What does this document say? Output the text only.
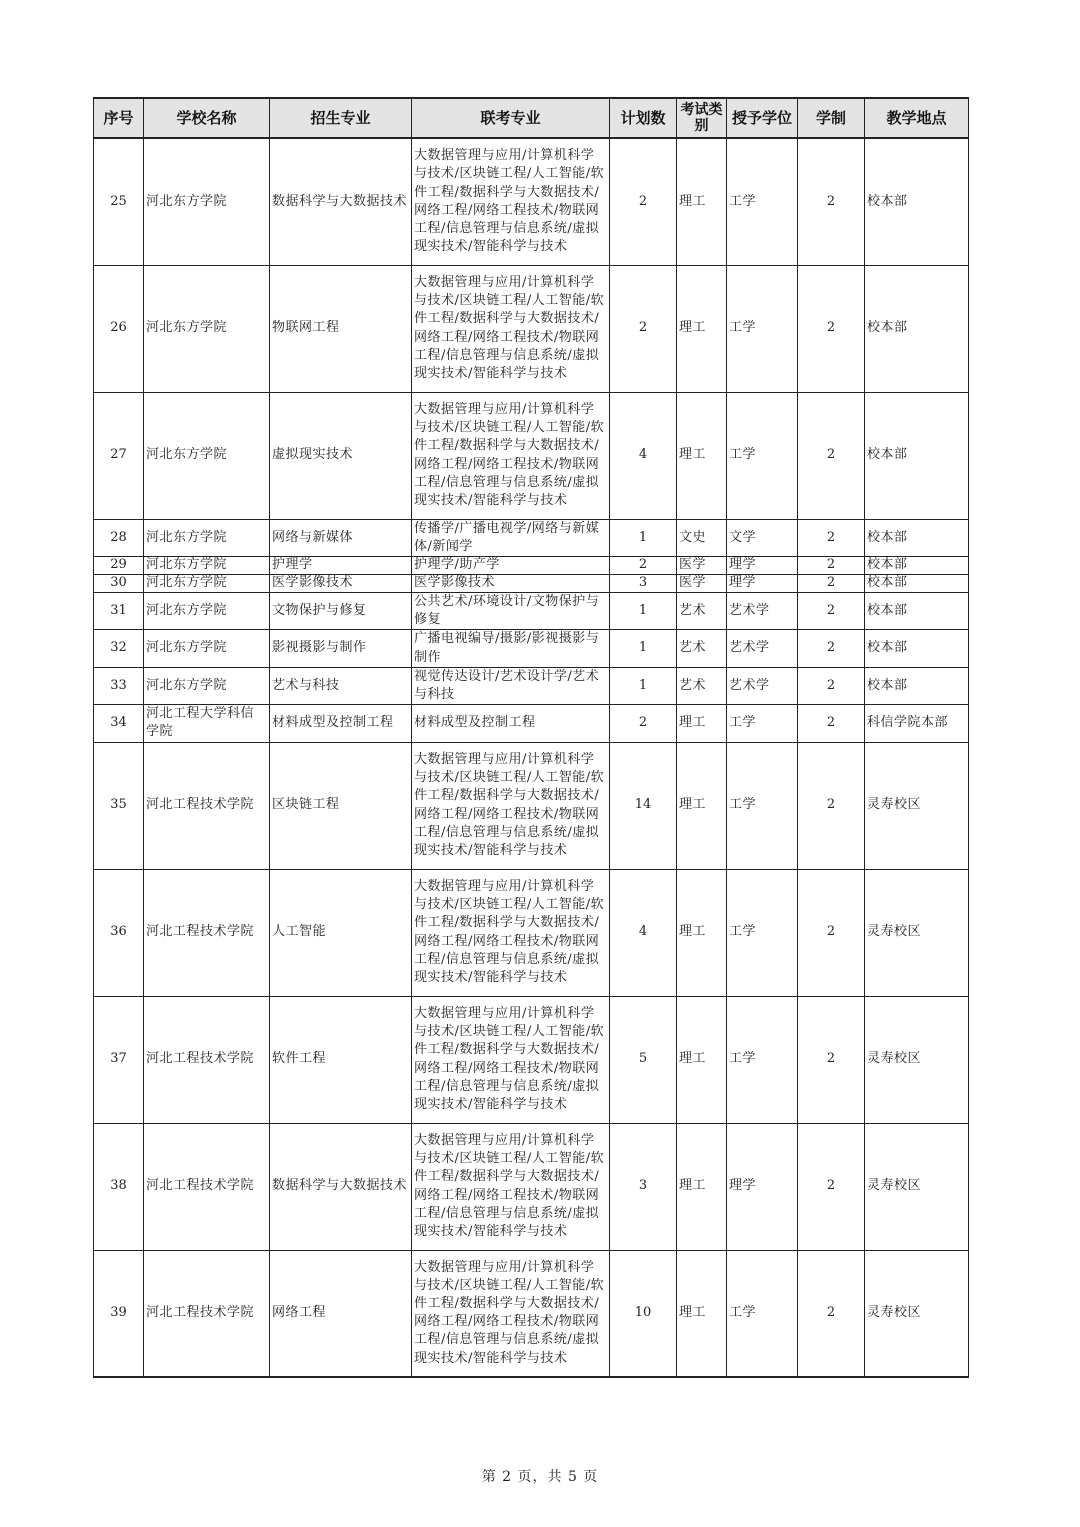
序号	学校名称	招生专业	联考专业	计划数	考试类别	授予学位	学制	教学地点
25	河北东方学院	数据科学与大数据技术	大数据管理与应用/计算机科学与技术/区块链工程/人工智能/软件工程/数据科学与大数据技术/网络工程/网络工程技术/物联网工程/信息管理与信息系统/虚拟现实技术/智能科学与技术	2	理工	工学	2	校本部
26	河北东方学院	物联网工程	大数据管理与应用/计算机科学与技术/区块链工程/人工智能/软件工程/数据科学与大数据技术/网络工程/网络工程技术/物联网工程/信息管理与信息系统/虚拟现实技术/智能科学与技术	2	理工	工学	2	校本部
27	河北东方学院	虚拟现实技术	大数据管理与应用/计算机科学与技术/区块链工程/人工智能/软件工程/数据科学与大数据技术/网络工程/网络工程技术/物联网工程/信息管理与信息系统/虚拟现实技术/智能科学与技术	4	理工	工学	2	校本部
28	河北东方学院	网络与新媒体	传播学/广播电视学/网络与新媒体/新闻学	1	文史	文学	2	校本部
29	河北东方学院	护理学	护理学/助产学	2	医学	理学	2	校本部
30	河北东方学院	医学影像技术	医学影像技术	3	医学	理学	2	校本部
31	河北东方学院	文物保护与修复	公共艺术/环境设计/文物保护与修复	1	艺术	艺术学	2	校本部
32	河北东方学院	影视摄影与制作	广播电视编导/摄影/影视摄影与制作	1	艺术	艺术学	2	校本部
33	河北东方学院	艺术与科技	视觉传达设计/艺术设计学/艺术与科技	1	艺术	艺术学	2	校本部
34	河北工程大学科信学院	材料成型及控制工程	材料成型及控制工程	2	理工	工学	2	科信学院本部
35	河北工程技术学院	区块链工程	大数据管理与应用/计算机科学与技术/区块链工程/人工智能/软件工程/数据科学与大数据技术/网络工程/网络工程技术/物联网工程/信息管理与信息系统/虚拟现实技术/智能科学与技术	14	理工	工学	2	灵寿校区
36	河北工程技术学院	人工智能	大数据管理与应用/计算机科学与技术/区块链工程/人工智能/软件工程/数据科学与大数据技术/网络工程/网络工程技术/物联网工程/信息管理与信息系统/虚拟现实技术/智能科学与技术	4	理工	工学	2	灵寿校区
37	河北工程技术学院	软件工程	大数据管理与应用/计算机科学与技术/区块链工程/人工智能/软件工程/数据科学与大数据技术/网络工程/网络工程技术/物联网工程/信息管理与信息系统/虚拟现实技术/智能科学与技术	5	理工	工学	2	灵寿校区
38	河北工程技术学院	数据科学与大数据技术	大数据管理与应用/计算机科学与技术/区块链工程/人工智能/软件工程/数据科学与大数据技术/网络工程/网络工程技术/物联网工程/信息管理与信息系统/虚拟现实技术/智能科学与技术	3	理工	理学	2	灵寿校区
39	河北工程技术学院	网络工程	大数据管理与应用/计算机科学与技术/区块链工程/人工智能/软件工程/数据科学与大数据技术/网络工程/网络工程技术/物联网工程/信息管理与信息系统/虚拟现实技术/智能科学与技术	10	理工	工学	2	灵寿校区
第 2 页，共 5 页
